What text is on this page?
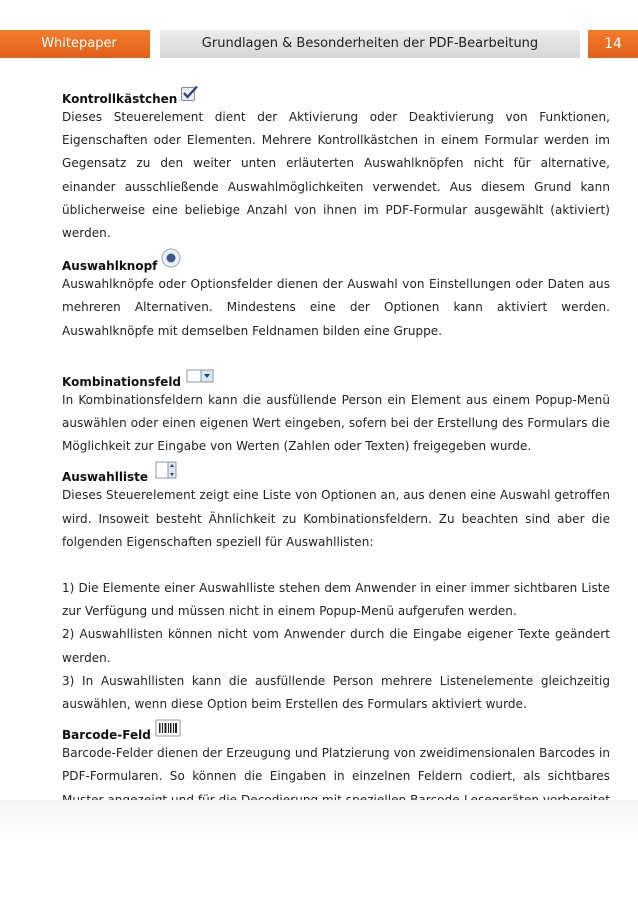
Whitepaper	Grundlagen & Besonderheiten der PDF-Bearbeitung	14
Kontrollkästchen

Dieses Steuerelement dient der Aktivierung oder Deaktivierung von Funktionen, Eigenschaften oder Elementen. Mehrere Kontrollkästchen in einem Formular werden im Gegensatz zu den weiter unten erläuterten Auswahlknöpfen nicht für alternative, einander ausschließende Auswahlmöglichkeiten verwendet. Aus diesem Grund kann üblicherweise eine beliebige Anzahl von ihnen im PDF-Formular ausgewählt (aktiviert) werden.

Auswahlknopf

Auswahlknöpfe oder Optionsfelder dienen der Auswahl von Einstellungen oder Daten aus mehreren Alternativen. Mindestens eine der Optionen kann aktiviert werden. Auswahlknöpfe mit demselben Feldnamen bilden eine Gruppe.

Kombinationsfeld

In Kombinationsfeldern kann die ausfüllende Person ein Element aus einem Popup-Menü auswählen oder einen eigenen Wert eingeben, sofern bei der Erstellung des Formulars die Möglichkeit zur Eingabe von Werten (Zahlen oder Texten) freigegeben wurde.

Auswahlliste

Dieses Steuerelement zeigt eine Liste von Optionen an, aus denen eine Auswahl getroffen wird. Insoweit besteht Ähnlichkeit zu Kombinationsfeldern. Zu beachten sind aber die folgenden Eigenschaften speziell für Auswahllisten:

1) Die Elemente einer Auswahlliste stehen dem Anwender in einer immer sichtbaren Liste zur Verfügung und müssen nicht in einem Popup-Menü aufgerufen werden.

2) Auswahllisten können nicht vom Anwender durch die Eingabe eigener Texte geändert werden.

3) In Auswahllisten kann die ausfüllende Person mehrere Listenelemente gleichzeitig auswählen, wenn diese Option beim Erstellen des Formulars aktiviert wurde.

Barcode-Feld

Barcode-Felder dienen der Erzeugung und Platzierung von zweidimensionalen Barcodes in PDF-Formularen. So können die Eingaben in einzelnen Feldern codiert, als sichtbares
